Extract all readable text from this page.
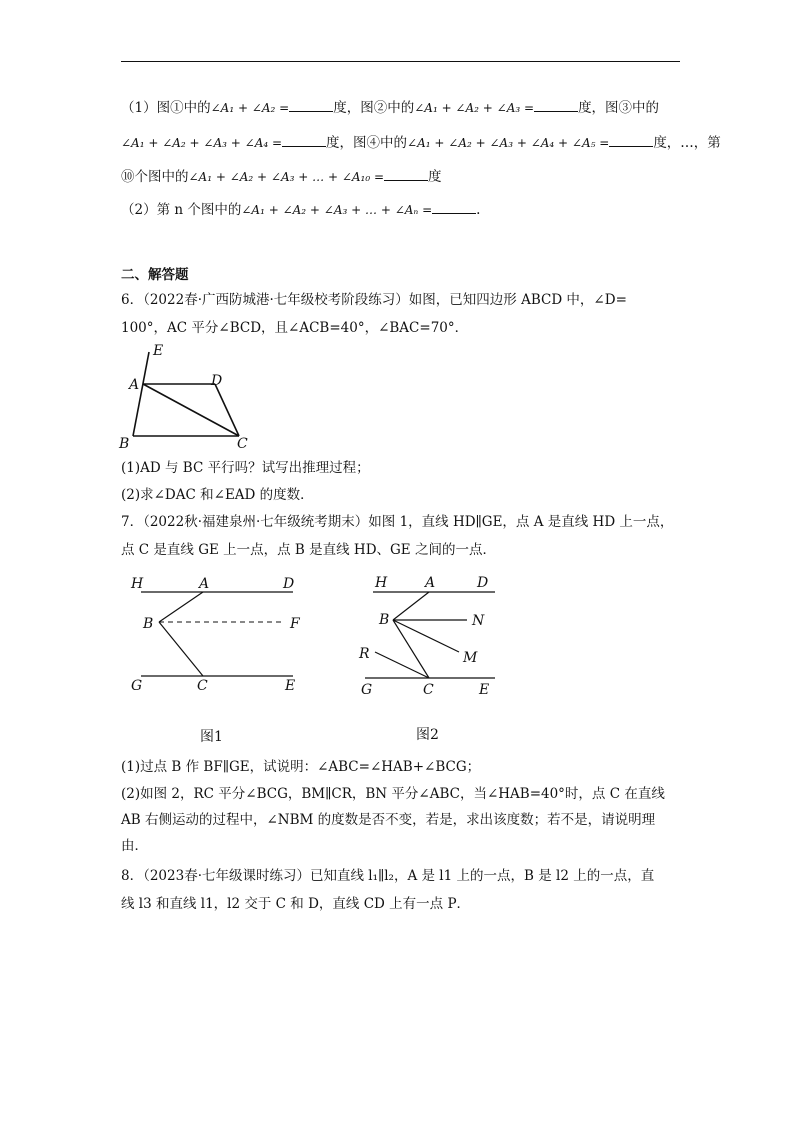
（1）图①中的∠A₁ + ∠A₂ =	度，图②中的∠A₁ + ∠A₂ + ∠A₃ =	度，图③中的
∠A₁ + ∠A₂ + ∠A₃ + ∠A₄ =	度，图④中的∠A₁ + ∠A₂ + ∠A₃ + ∠A₄ + ∠A₅ =	度，…，第
⑩个图中的∠A₁ + ∠A₂ + ∠A₃ + … + ∠A₁₀ =	度
（2）第 n 个图中的∠A₁ + ∠A₂ + ∠A₃ + … + ∠Aₙ =	.
二、解答题
6．（2022春·广西防城港·七年级校考阶段练习）如图，已知四边形 ABCD 中，∠D=
100°，AC 平分∠BCD，且∠ACB=40°，∠BAC=70°．
E
A	D
B	C
(1)AD 与 BC 平行吗？试写出推理过程；
(2)求∠DAC 和∠EAD 的度数．
7．（2022秋·福建泉州·七年级统考期末）如图 1，直线 HD∥GE，点 A 是直线 HD 上一点，
点 C 是直线 GE 上一点，点 B 是直线 HD、GE 之间的一点．
H	A	D
B	F
G	C	E
H	A	D
B	N
M
R
G	C	E
图1	图2
(1)过点 B 作 BF∥GE，试说明：∠ABC=∠HAB+∠BCG；
(2)如图 2，RC 平分∠BCG，BM∥CR，BN 平分∠ABC，当∠HAB=40°时，点 C 在直线 AB 右侧运动的过程中，∠NBM 的度数是否不变，若是，求出该度数；若不是，请说明理由．
8．（2023春·七年级课时练习）已知直线 l₁∥l₂，A 是 l1 上的一点，B 是 l2 上的一点，直
线 l3 和直线 l1，l2 交于 C 和 D，直线 CD 上有一点 P．
